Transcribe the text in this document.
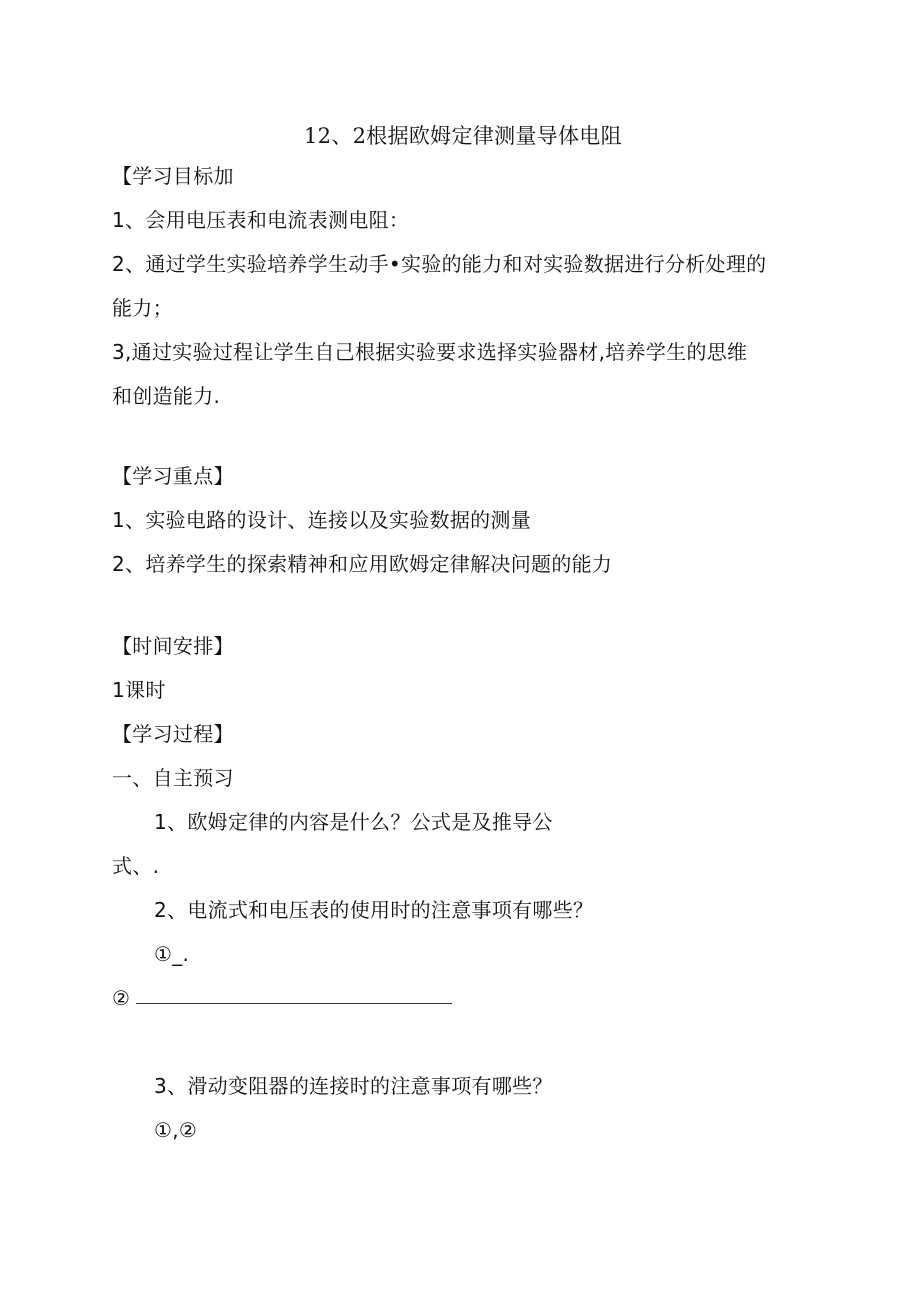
12、2根据欧姆定律测量导体电阻
【学习目标加
1、会用电压表和电流表测电阻：
2、通过学生实验培养学生动手•实验的能力和对实验数据进行分析处理的
能力；
3,通过实验过程让学生自己根据实验要求选择实验器材,培养学生的思维
和创造能力.
【学习重点】
1、实验电路的设计、连接以及实验数据的测量
2、培养学生的探索精神和应用欧姆定律解决问题的能力
【时间安排】
1课时
【学习过程】
一、自主预习
1、欧姆定律的内容是什么？公式是及推导公
式、.
2、电流式和电压表的使用时的注意事项有哪些？
①_.
②
3、滑动变阻器的连接时的注意事项有哪些？
①,②
